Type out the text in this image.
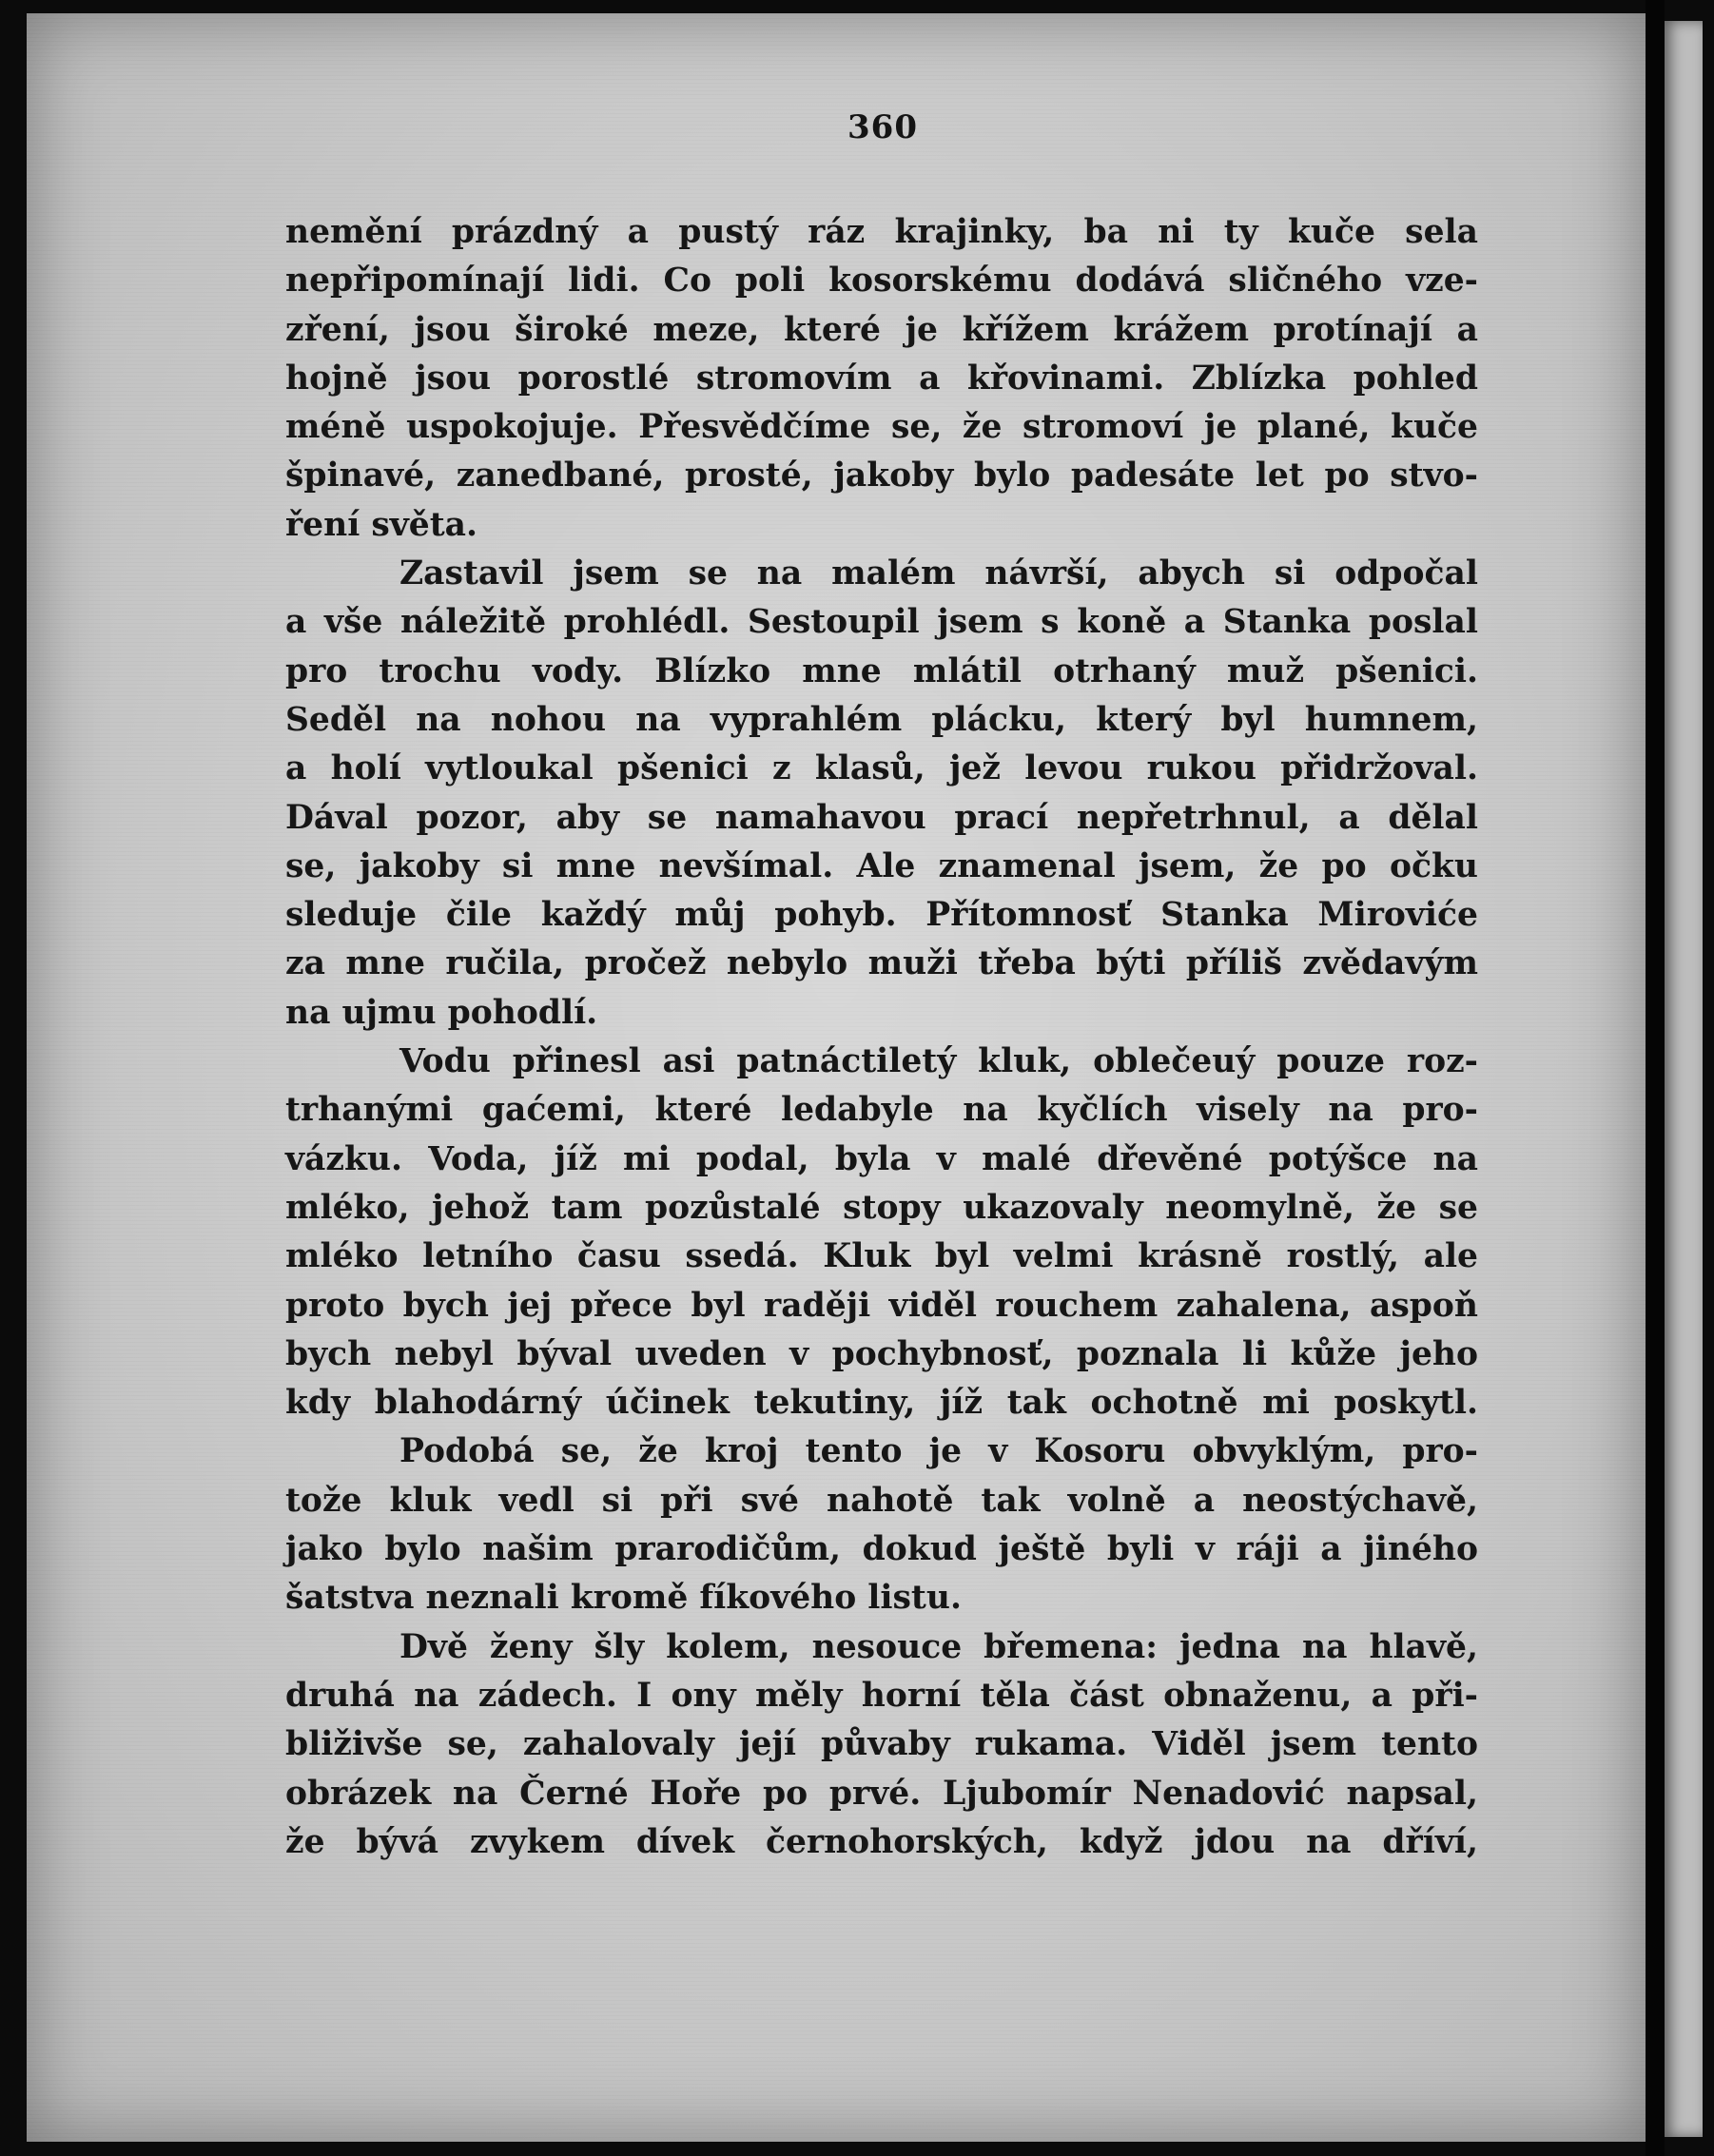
360
nemění prázdný a pustý ráz krajinky, ba ni ty kuče sela
nepřipomínají lidi. Co poli kosorskému dodává sličného vze-
zření, jsou široké meze, které je křížem krážem protínají a
hojně jsou porostlé stromovím a křovinami. Zblízka pohled
méně uspokojuje. Přesvědčíme se, že stromoví je plané, kuče
špinavé, zanedbané, prosté, jakoby bylo padesáte let po stvo-
ření světa.
Zastavil jsem se na malém návrší, abych si odpočal
a vše náležitě prohlédl. Sestoupil jsem s koně a Stanka poslal
pro trochu vody. Blízko mne mlátil otrhaný muž pšenici.
Seděl na nohou na vyprahlém plácku, který byl humnem,
a holí vytloukal pšenici z klasů, jež levou rukou přidržoval.
Dával pozor, aby se namahavou prací nepřetrhnul, a dělal
se, jakoby si mne nevšímal. Ale znamenal jsem, že po očku
sleduje čile každý můj pohyb. Přítomnosť Stanka Miroviće
za mne ručila, pročež nebylo muži třeba býti příliš zvědavým
na ujmu pohodlí.
Vodu přinesl asi patnáctiletý kluk, oblečeuý pouze roz-
trhanými gaćemi, které ledabyle na kyčlích visely na pro-
vázku. Voda, jíž mi podal, byla v malé dřevěné potýšce na
mléko, jehož tam pozůstalé stopy ukazovaly neomylně, že se
mléko letního času ssedá. Kluk byl velmi krásně rostlý, ale
proto bych jej přece byl raději viděl rouchem zahalena, aspoň
bych nebyl býval uveden v pochybnosť, poznala li kůže jeho
kdy blahodárný účinek tekutiny, jíž tak ochotně mi poskytl.
Podobá se, že kroj tento je v Kosoru obvyklým, pro-
tože kluk vedl si při své nahotě tak volně a neostýchavě,
jako bylo našim prarodičům, dokud ještě byli v ráji a jiného
šatstva neznali kromě fíkového listu.
Dvě ženy šly kolem, nesouce břemena: jedna na hlavě,
druhá na zádech. I ony měly horní těla část obnaženu, a při-
bliživše se, zahalovaly její půvaby rukama. Viděl jsem tento
obrázek na Černé Hoře po prvé. Ljubomír Nenadović napsal,
že bývá zvykem dívek černohorských, když jdou na dříví,
